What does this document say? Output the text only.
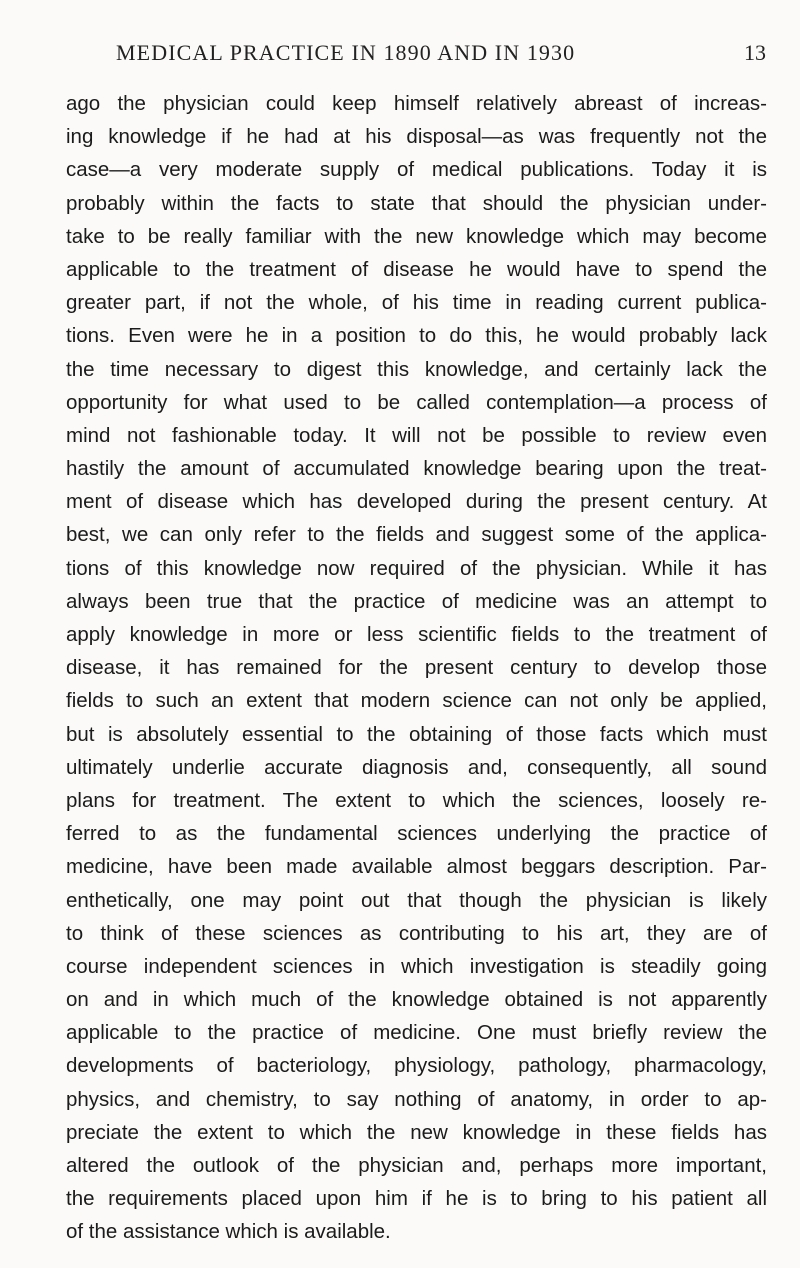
MEDICAL PRACTICE IN 1890 AND IN 1930	13
ago the physician could keep himself relatively abreast of increas-
ing knowledge if he had at his disposal—as was frequently not the
case—a very moderate supply of medical publications. Today it is
probably within the facts to state that should the physician under-
take to be really familiar with the new knowledge which may become
applicable to the treatment of disease he would have to spend the
greater part, if not the whole, of his time in reading current publica-
tions. Even were he in a position to do this, he would probably lack
the time necessary to digest this knowledge, and certainly lack the
opportunity for what used to be called contemplation—a process of
mind not fashionable today. It will not be possible to review even
hastily the amount of accumulated knowledge bearing upon the treat-
ment of disease which has developed during the present century. At
best, we can only refer to the fields and suggest some of the applica-
tions of this knowledge now required of the physician. While it has
always been true that the practice of medicine was an attempt to
apply knowledge in more or less scientific fields to the treatment of
disease, it has remained for the present century to develop those
fields to such an extent that modern science can not only be applied,
but is absolutely essential to the obtaining of those facts which must
ultimately underlie accurate diagnosis and, consequently, all sound
plans for treatment. The extent to which the sciences, loosely re-
ferred to as the fundamental sciences underlying the practice of
medicine, have been made available almost beggars description. Par-
enthetically, one may point out that though the physician is likely
to think of these sciences as contributing to his art, they are of
course independent sciences in which investigation is steadily going
on and in which much of the knowledge obtained is not apparently
applicable to the practice of medicine. One must briefly review the
developments of bacteriology, physiology, pathology, pharmacology,
physics, and chemistry, to say nothing of anatomy, in order to ap-
preciate the extent to which the new knowledge in these fields has
altered the outlook of the physician and, perhaps more important,
the requirements placed upon him if he is to bring to his patient all
of the assistance which is available.
